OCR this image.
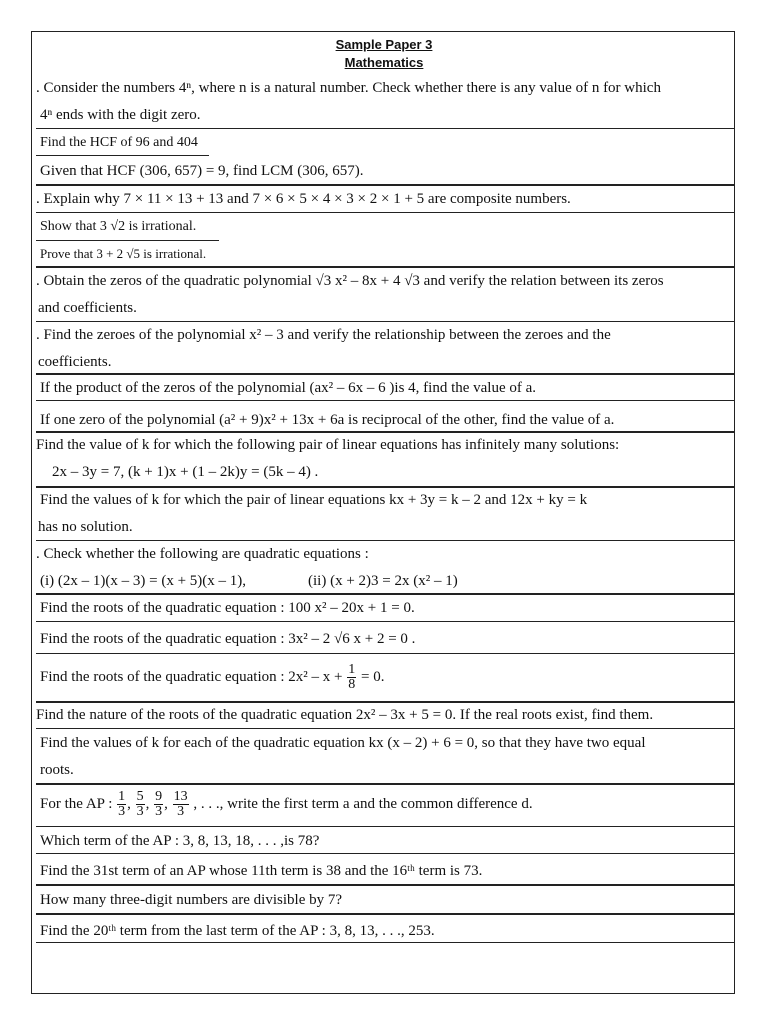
Sample Paper 3
Mathematics
. Consider the numbers 4ⁿ, where n is a natural number. Check whether there is any value of n for which
4ⁿ ends with the digit zero.
Find the HCF of 96 and 404
Given that HCF (306, 657) = 9, find LCM (306, 657).
. Explain why 7 × 11 × 13 + 13 and 7 × 6 × 5 × 4 × 3 × 2 × 1 + 5 are composite numbers.
Show that 3 √2 is irrational.
Prove that 3 + 2 √5 is irrational.
. Obtain the zeros of the quadratic polynomial √3 x² – 8x + 4 √3 and verify the relation between its zeros
and coefficients.
. Find the zeroes of the polynomial x² – 3 and verify the relationship between the zeroes and the
coefficients.
If the product of the zeros of the polynomial (ax² – 6x – 6 )is 4, find the value of a.
If one zero of the polynomial (a² + 9)x² + 13x + 6a is reciprocal of the other, find the value of a.
Find the value of k for which the following pair of linear equations has infinitely many solutions:
2x – 3y = 7, (k + 1)x + (1 – 2k)y = (5k – 4) .
Find the values of k for which the pair of linear equations kx + 3y = k – 2 and 12x + ky = k
has no solution.
. Check whether the following are quadratic equations :
(i) (2x – 1)(x – 3) = (x + 5)(x – 1),	(ii) (x + 2)3 = 2x (x² – 1)
Find the roots of the quadratic equation : 100 x² – 20x + 1 = 0.
Find the roots of the quadratic equation : 3x² – 2 √6 x + 2 = 0 .
Find the roots of the quadratic equation : $2x^2 - x + \frac{1}{8} = 0$.
Find the nature of the roots of the quadratic equation 2x² – 3x + 5 = 0. If the real roots exist, find them.
Find the values of k for each of the quadratic equation kx (x – 2) + 6 = 0, so that they have two equal
roots.
For the AP : $\frac{1}{3}$ , $\frac{5}{3}$ , $\frac{9}{3}$ , $\frac{13}{3}$ , . . ., write the first term a and the common difference d.
Which term of the AP : 3, 8, 13, 18, . . . ,is 78?
Find the 31st term of an AP whose 11th term is 38 and the 16ᵗʰ term is 73.
How many three-digit numbers are divisible by 7?
Find the 20ᵗʰ term from the last term of the AP : 3, 8, 13, . . ., 253.
